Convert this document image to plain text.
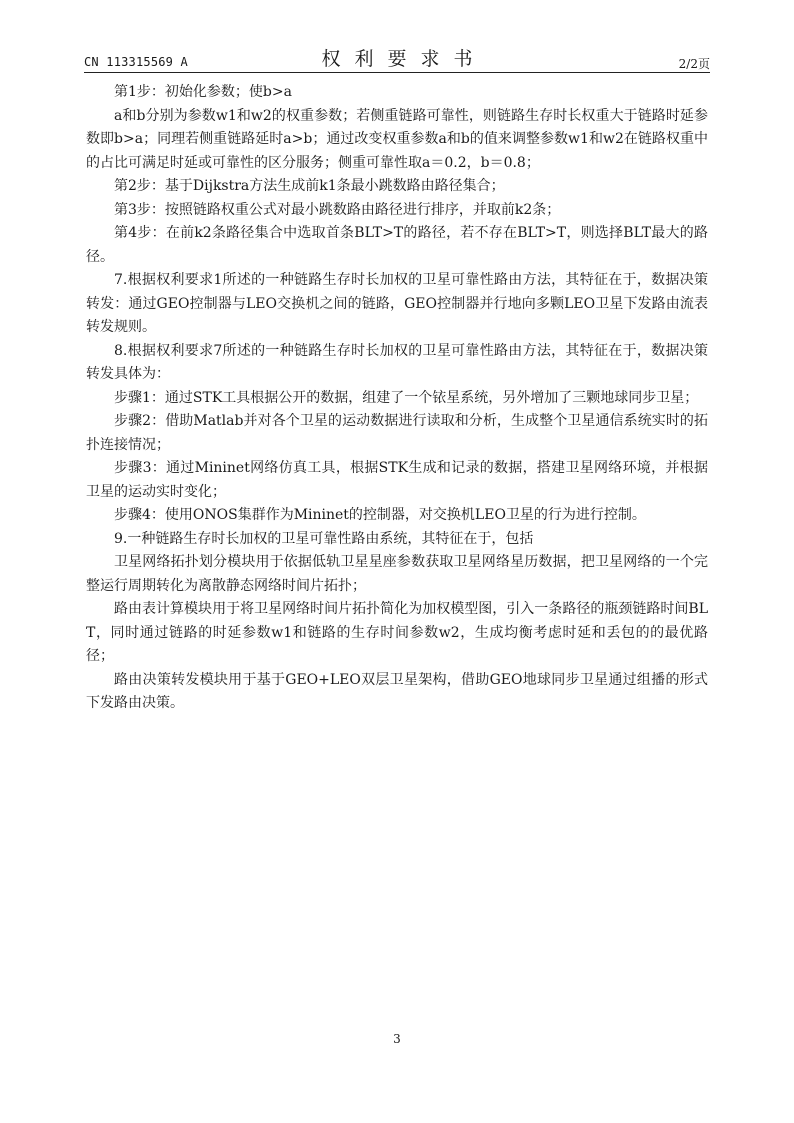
CN 113315569 A	权利要求书	2/2页

第1步：初始化参数；使b>a

a和b分别为参数w1和w2的权重参数；若侧重链路可靠性，则链路生存时长权重大于链路时延参数即b>a；同理若侧重链路延时a>b；通过改变权重参数a和b的值来调整参数w1和w2在链路权重中的占比可满足时延或可靠性的区分服务；侧重可靠性取a＝0.2，b＝0.8；

第2步：基于Dijkstra方法生成前k1条最小跳数路由路径集合；

第3步：按照链路权重公式对最小跳数路由路径进行排序，并取前k2条；

第4步：在前k2条路径集合中选取首条BLT>T的路径，若不存在BLT>T，则选择BLT最大的路径。

7.根据权利要求1所述的一种链路生存时长加权的卫星可靠性路由方法，其特征在于，数据决策转发：通过GEO控制器与LEO交换机之间的链路，GEO控制器并行地向多颗LEO卫星下发路由流表转发规则。

8.根据权利要求7所述的一种链路生存时长加权的卫星可靠性路由方法，其特征在于，数据决策转发具体为：

步骤1：通过STK工具根据公开的数据，组建了一个铱星系统，另外增加了三颗地球同步卫星；

步骤2：借助Matlab并对各个卫星的运动数据进行读取和分析，生成整个卫星通信系统实时的拓扑连接情况；

步骤3：通过Mininet网络仿真工具，根据STK生成和记录的数据，搭建卫星网络环境，并根据卫星的运动实时变化；

步骤4：使用ONOS集群作为Mininet的控制器，对交换机LEO卫星的行为进行控制。

9.一种链路生存时长加权的卫星可靠性路由系统，其特征在于，包括

卫星网络拓扑划分模块用于依据低轨卫星星座参数获取卫星网络星历数据，把卫星网络的一个完整运行周期转化为离散静态网络时间片拓扑；

路由表计算模块用于将卫星网络时间片拓扑简化为加权模型图，引入一条路径的瓶颈链路时间BLT，同时通过链路的时延参数w1和链路的生存时间参数w2，生成均衡考虑时延和丢包的的最优路径；

路由决策转发模块用于基于GEO+LEO双层卫星架构，借助GEO地球同步卫星通过组播的形式下发路由决策。

3
